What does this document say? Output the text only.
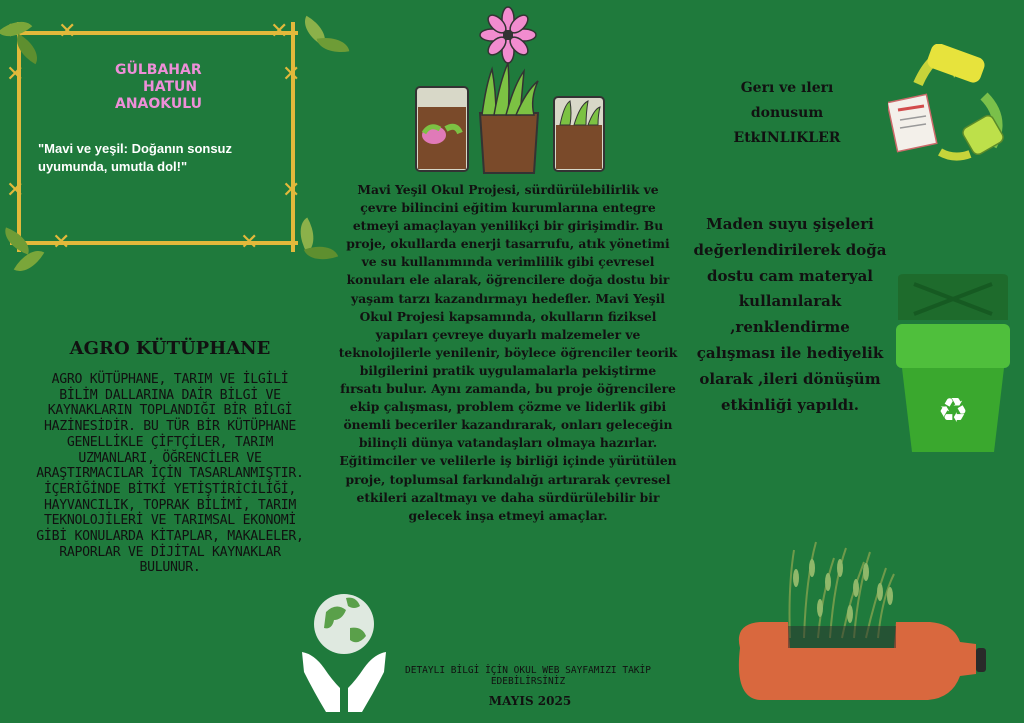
✕	✕
✕	✕
✕	✕
✕	✕
GÜLBAHAR
HATUN
ANAOKULU
"Mavi ve yeşil: Doğanın sonsuz uyumunda, umutla dol!"
AGRO KÜTÜPHANE
AGRO KÜTÜPHANE, TARIM VE İLGİLİ BİLİM DALLARINA DAİR BİLGİ VE KAYNAKLARIN TOPLANDIĞI BİR BİLGİ HAZİNESİDİR. BU TÜR BİR KÜTÜPHANE GENELLİKLE ÇİFTÇİLER, TARIM UZMANLARI, ÖĞRENCİLER VE ARAŞTIRMACILAR İÇİN TASARLANMIŞTIR. İÇERİĞİNDE BİTKİ YETİŞTİRİCİLİĞİ, HAYVANCILIK, TOPRAK BİLİMİ, TARIM TEKNOLOJİLERİ VE TARIMSAL EKONOMİ GİBİ KONULARDA KİTAPLAR, MAKALELER, RAPORLAR VE DİJİTAL KAYNAKLAR BULUNUR.
Mavi Yeşil Okul Projesi, sürdürülebilirlik ve çevre bilincini eğitim kurumlarına entegre etmeyi amaçlayan yenilikçi bir girişimdir. Bu proje, okullarda enerji tasarrufu, atık yönetimi ve su kullanımında verimlilik gibi çevresel konuları ele alarak, öğrencilere doğa dostu bir yaşam tarzı kazandırmayı hedefler. Mavi Yeşil Okul Projesi kapsamında, okulların fiziksel yapıları çevreye duyarlı malzemeler ve teknolojilerle yenilenir, böylece öğrenciler teorik bilgilerini pratik uygulamalarla pekiştirme fırsatı bulur. Aynı zamanda, bu proje öğrencilere ekip çalışması, problem çözme ve liderlik gibi önemli beceriler kazandırarak, onları geleceğin bilinçli dünya vatandaşları olmaya hazırlar. Eğitimciler ve velilerle iş birliği içinde yürütülen proje, toplumsal farkındalığı artırarak çevresel etkileri azaltmayı ve daha sürdürülebilir bir gelecek inşa etmeyi amaçlar.
DETAYLI BİLGİ İÇİN OKUL WEB SAYFAMIZI TAKİP EDEBİLİRSİNİZ
MAYIS 2025
Gerı ve ılerı donusum EtkINLIKLER
Maden suyu şişeleri değerlendirilerek doğa dostu cam materyal kullanılarak ,renklendirme çalışması ile hediyelik olarak ,ileri dönüşüm etkinliği yapıldı.	♻
